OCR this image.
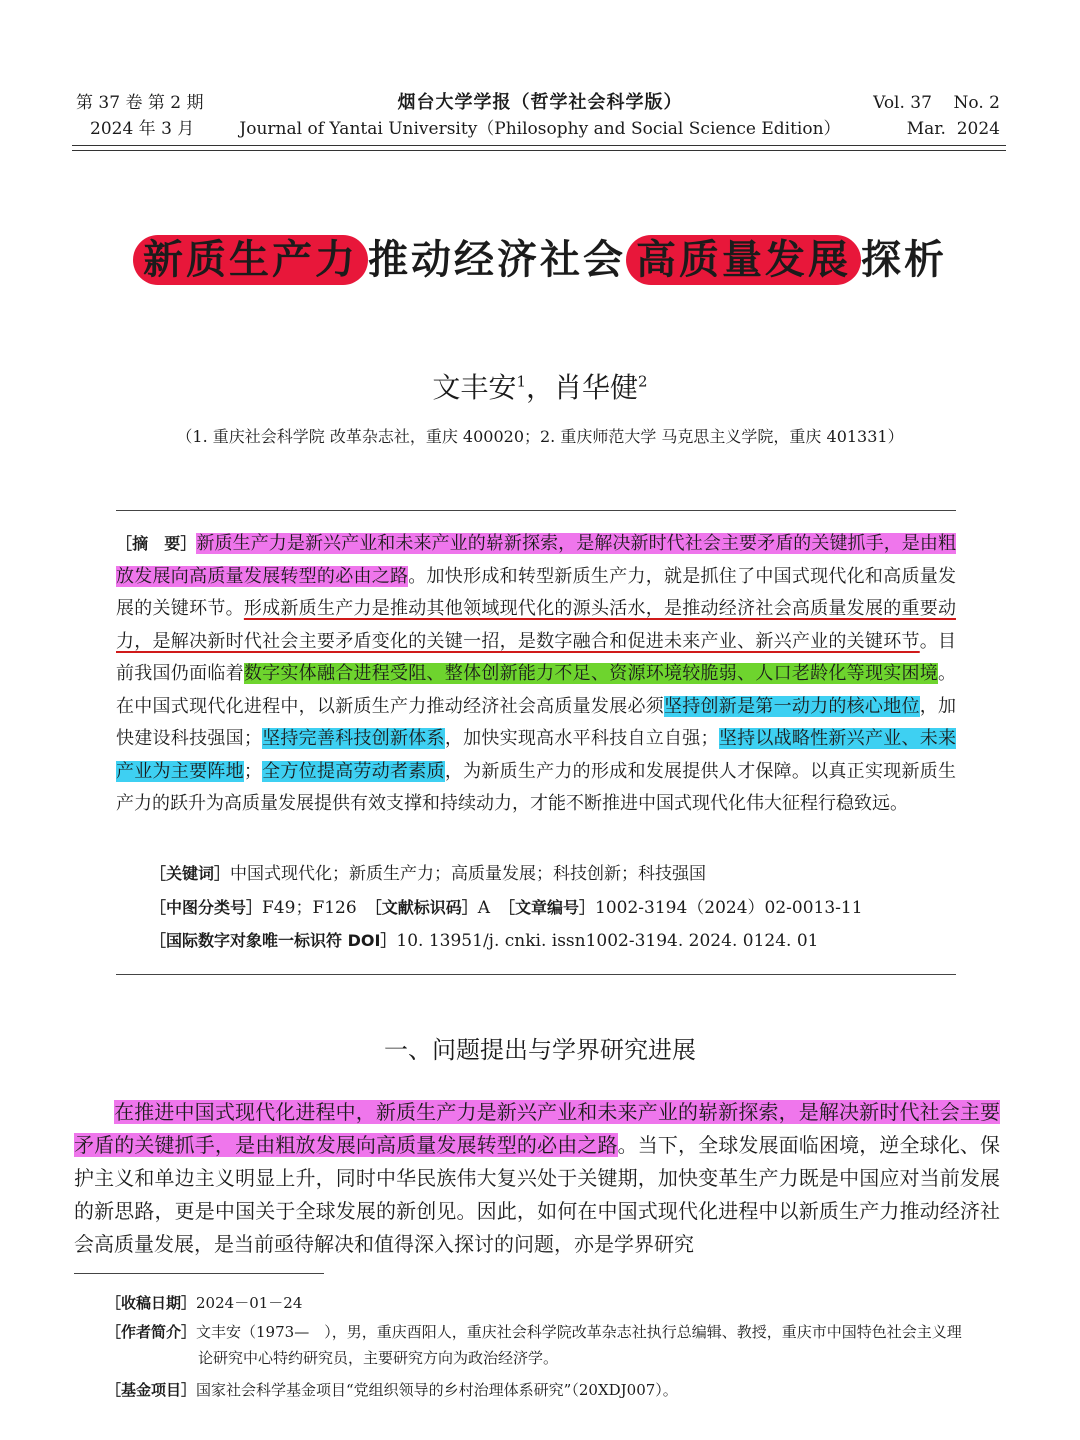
第 37 卷 第 2 期
2024 年 3 月
烟台大学学报（哲学社会科学版）
Journal of Yantai University（Philosophy and Social Science Edition）
Vol. 37    No. 2
Mar.  2024
新质生产力 推动经济社会 高质量发展 探析
文丰安$^1$，肖华健$^2$
（1. 重庆社会科学院 改革杂志社，重庆 400020；2. 重庆师范大学 马克思主义学院，重庆 401331）
［摘　要］新质生产力是新兴产业和未来产业的崭新探索，是解决新时代社会主要矛盾的关键抓手，是由粗放发展向高质量发展转型的必由之路。加快形成和转型新质生产力，就是抓住了中国式现代化和高质量发展的关键环节。形成新质生产力是推动其他领域现代化的源头活水，是推动经济社会高质量发展的重要动力，是解决新时代社会主要矛盾变化的关键一招，是数字融合和促进未来产业、新兴产业的关键环节。目前我国仍面临着数字实体融合进程受阻、整体创新能力不足、资源环境较脆弱、人口老龄化等现实困境。在中国式现代化进程中，以新质生产力推动经济社会高质量发展必须坚持创新是第一动力的核心地位，加快建设科技强国；坚持完善科技创新体系，加快实现高水平科技自立自强；坚持以战略性新兴产业、未来产业为主要阵地；全方位提高劳动者素质，为新质生产力的形成和发展提供人才保障。以真正实现新质生产力的跃升为高质量发展提供有效支撑和持续动力，才能不断推进中国式现代化伟大征程行稳致远。
［关键词］中国式现代化；新质生产力；高质量发展；科技创新；科技强国
［中图分类号］F49；F126　 ［文献标识码］A　 ［文章编号］1002-3194（2024）02-0013-11
［国际数字对象唯一标识符 DOI］10. 13951/j. cnki. issn1002-3194. 2024. 0124. 01
一、问题提出与学界研究进展
在推进中国式现代化进程中，新质生产力是新兴产业和未来产业的崭新探索，是解决新时代社会主要矛盾的关键抓手，是由粗放发展向高质量发展转型的必由之路。当下，全球发展面临困境，逆全球化、保护主义和单边主义明显上升，同时中华民族伟大复兴处于关键期，加快变革生产力既是中国应对当前发展的新思路，更是中国关于全球发展的新创见。因此，如何在中国式现代化进程中以新质生产力推动经济社会高质量发展，是当前亟待解决和值得深入探讨的问题，亦是学界研究
［收稿日期］2024－01－24
［作者简介］文丰安（1973—　），男，重庆酉阳人，重庆社会科学院改革杂志社执行总编辑、教授，重庆市中国特色社会主义理
论研究中心特约研究员，主要研究方向为政治经济学。
［基金项目］国家社会科学基金项目“党组织领导的乡村治理体系研究”（20XDJ007）。
